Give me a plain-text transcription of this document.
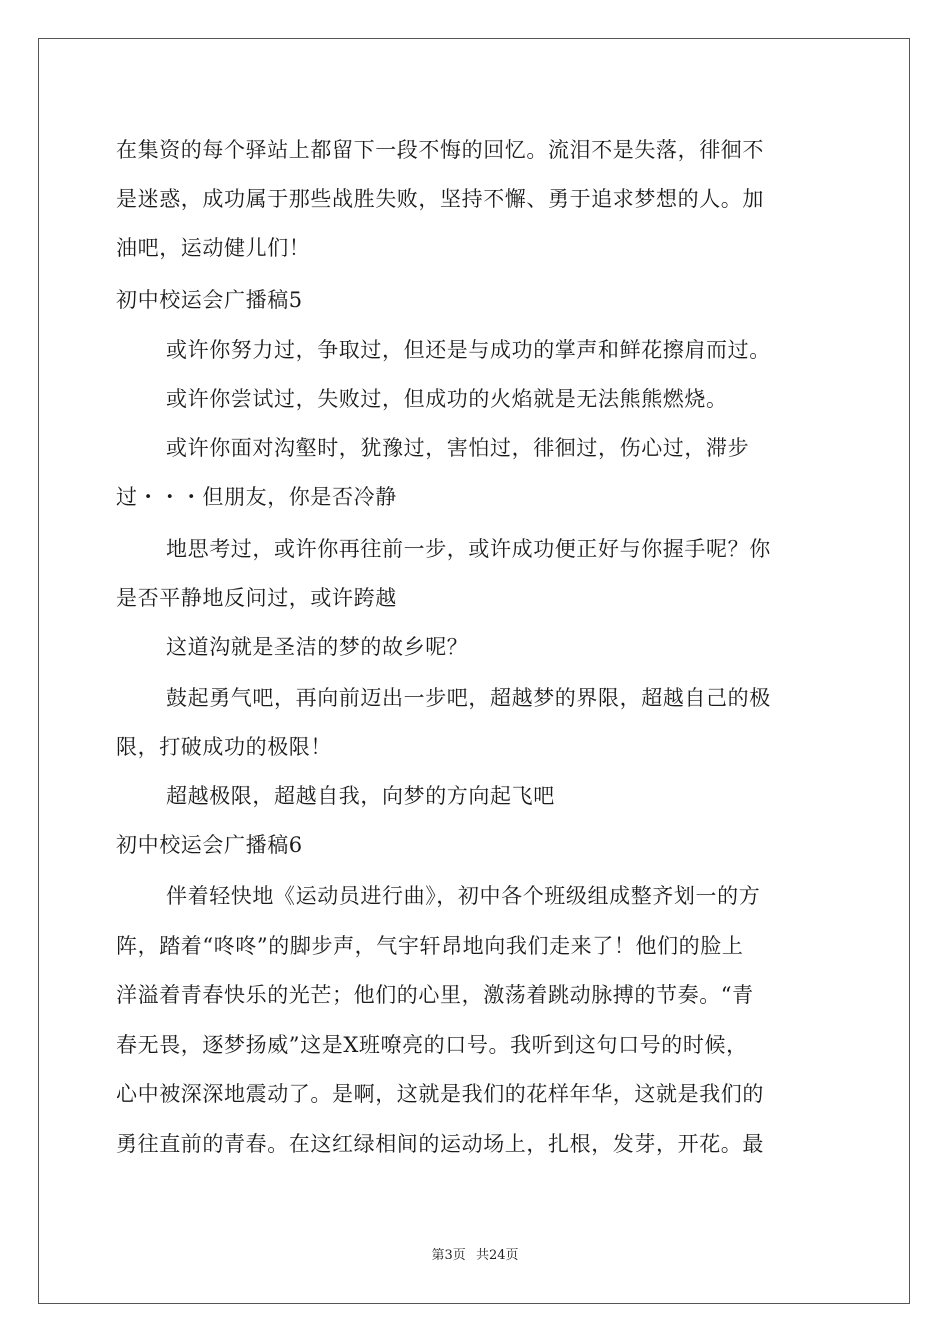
在集资的每个驿站上都留下一段不悔的回忆。流泪不是失落，徘徊不
是迷惑，成功属于那些战胜失败，坚持不懈、勇于追求梦想的人。加
油吧，运动健儿们！
初中校运会广播稿5
或许你努力过，争取过，但还是与成功的掌声和鲜花擦肩而过。
或许你尝试过，失败过，但成功的火焰就是无法熊熊燃烧。
或许你面对沟壑时，犹豫过，害怕过，徘徊过，伤心过，滞步
过・・・但朋友，你是否冷静
地思考过，或许你再往前一步，或许成功便正好与你握手呢？你
是否平静地反问过，或许跨越
这道沟就是圣洁的梦的故乡呢？
鼓起勇气吧，再向前迈出一步吧，超越梦的界限，超越自己的极
限，打破成功的极限！
超越极限，超越自我，向梦的方向起飞吧
初中校运会广播稿6
伴着轻快地《运动员进行曲》，初中各个班级组成整齐划一的方
阵，踏着“咚咚”的脚步声，气宇轩昂地向我们走来了！他们的脸上
洋溢着青春快乐的光芒；他们的心里，激荡着跳动脉搏的节奏。“青
春无畏，逐梦扬威”这是X班嘹亮的口号。我听到这句口号的时候，
心中被深深地震动了。是啊，这就是我们的花样年华，这就是我们的
勇往直前的青春。在这红绿相间的运动场上，扎根，发芽，开花。最
第3页 共24页
